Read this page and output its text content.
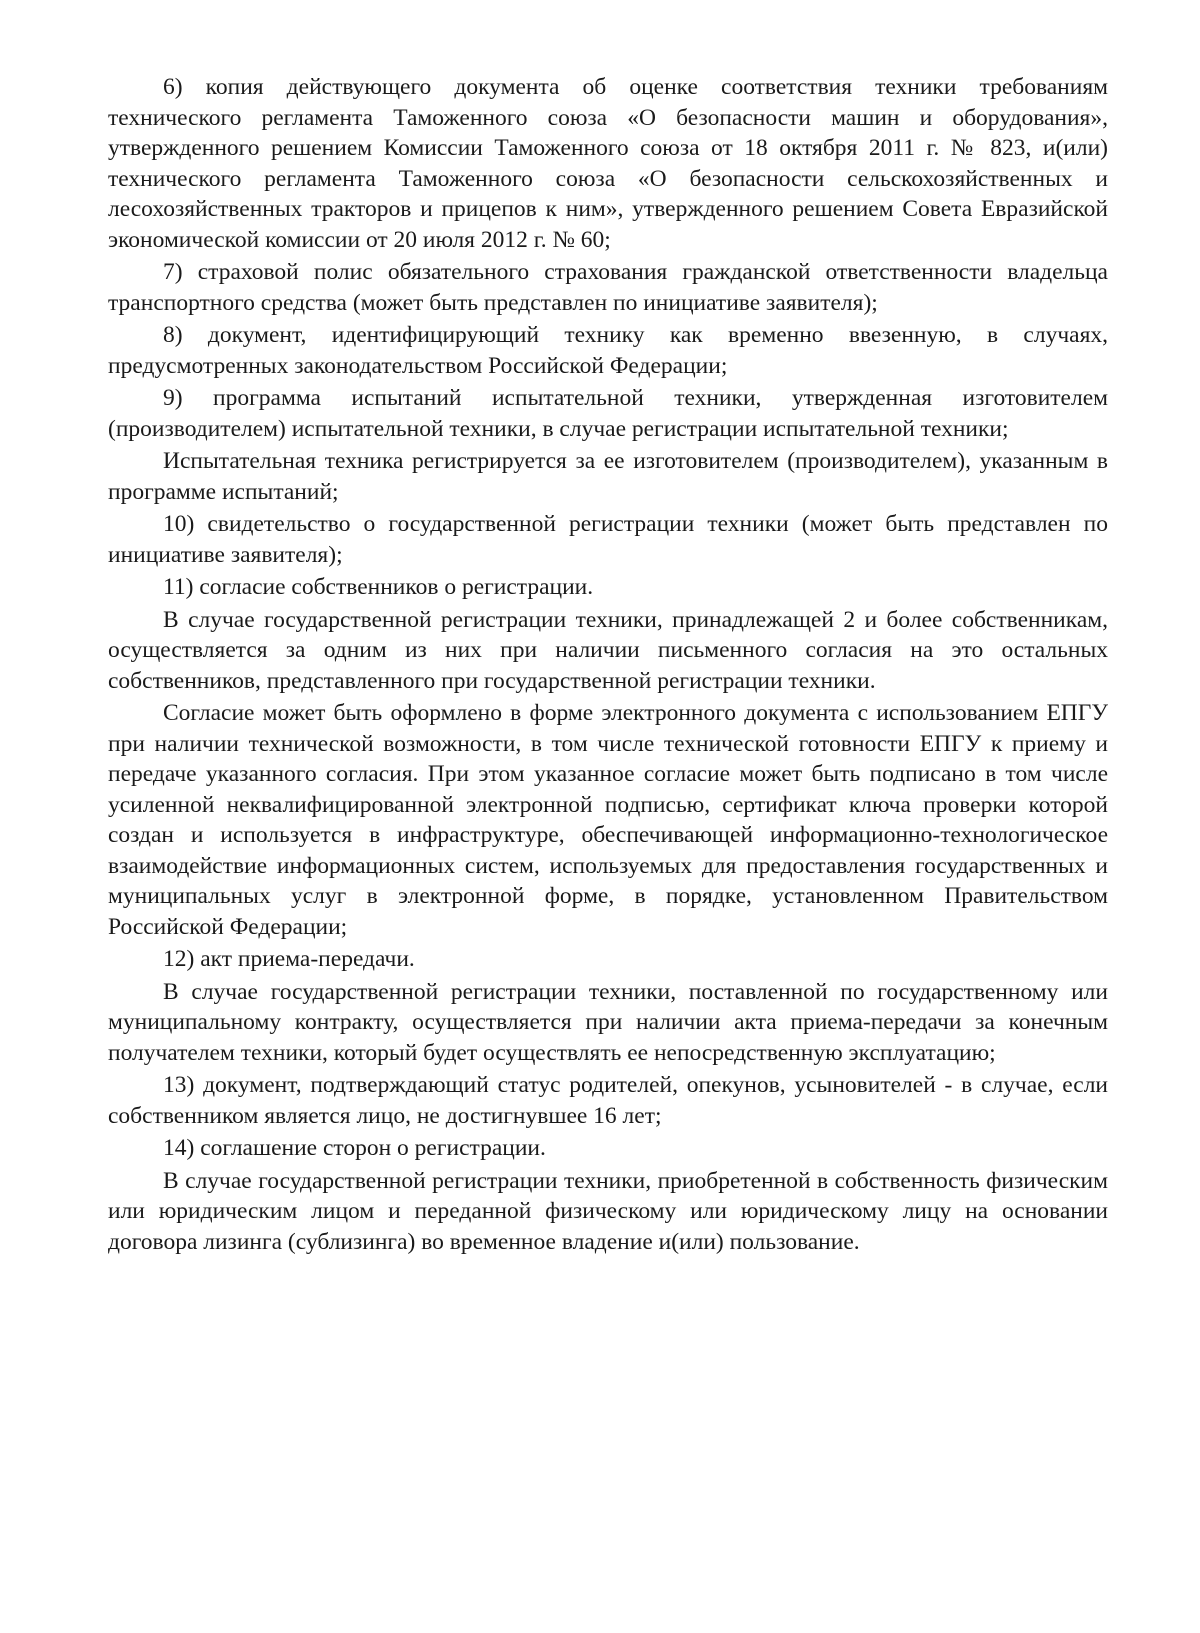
6) копия действующего документа об оценке соответствия техники требованиям технического регламента Таможенного союза «О безопасности машин и оборудования», утвержденного решением Комиссии Таможенного союза от 18 октября 2011 г. № 823, и(или) технического регламента Таможенного союза «О безопасности сельскохозяйственных и лесохозяйственных тракторов и прицепов к ним», утвержденного решением Совета Евразийской экономической комиссии от 20 июля 2012 г. № 60;

7) страховой полис обязательного страхования гражданской ответственности владельца транспортного средства (может быть представлен по инициативе заявителя);

8) документ, идентифицирующий технику как временно ввезенную, в случаях, предусмотренных законодательством Российской Федерации;

9) программа испытаний испытательной техники, утвержденная изготовителем (производителем) испытательной техники, в случае регистрации испытательной техники;

Испытательная техника регистрируется за ее изготовителем (производителем), указанным в программе испытаний;

10) свидетельство о государственной регистрации техники (может быть представлен по инициативе заявителя);

11) согласие собственников о регистрации.

В случае государственной регистрации техники, принадлежащей 2 и более собственникам, осуществляется за одним из них при наличии письменного согласия на это остальных собственников, представленного при государственной регистрации техники.

Согласие может быть оформлено в форме электронного документа с использованием ЕПГУ при наличии технической возможности, в том числе технической готовности ЕПГУ к приему и передаче указанного согласия. При этом указанное согласие может быть подписано в том числе усиленной неквалифицированной электронной подписью, сертификат ключа проверки которой создан и используется в инфраструктуре, обеспечивающей информационно-технологическое взаимодействие информационных систем, используемых для предоставления государственных и муниципальных услуг в электронной форме, в порядке, установленном Правительством Российской Федерации;

12) акт приема-передачи.

В случае государственной регистрации техники, поставленной по государственному или муниципальному контракту, осуществляется при наличии акта приема-передачи за конечным получателем техники, который будет осуществлять ее непосредственную эксплуатацию;

13) документ, подтверждающий статус родителей, опекунов, усыновителей - в случае, если собственником является лицо, не достигнувшее 16 лет;

14) соглашение сторон о регистрации.

В случае государственной регистрации техники, приобретенной в собственность физическим или юридическим лицом и переданной физическому или юридическому лицу на основании договора лизинга (сублизинга) во временное владение и(или) пользование.
